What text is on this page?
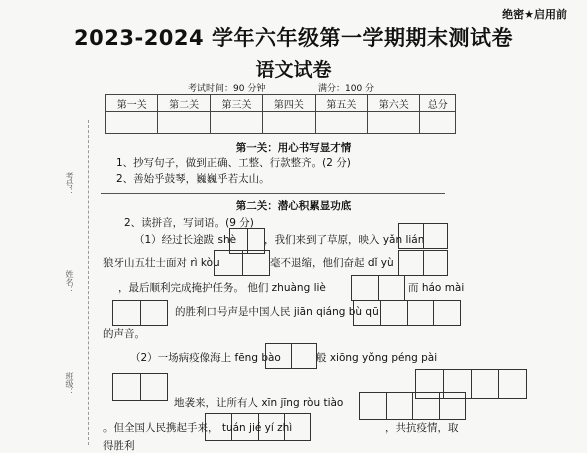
绝密★启用前
2023-2024 学年六年级第一学期期末测试卷
语文试卷
考试时间：90 分钟	满分：100 分
第一关	第二关	第三关	第四关	第五关	第六关	总分

考号：
姓名：
班级：
第一关：用心书写显才情
1、抄写句子，做到正确、工整、行款整齐。(2 分)
2、善始乎鼓琴，巍巍乎若太山。
第二关：潜心积累显功底
2、读拼音，写词语。(9 分)
（1）经过长途跋 shè	，我们来到了草原，映入 yǎn lián
狼牙山五壮士面对 rì kòu	毫不退缩，他们奋起 dǐ yù
，最后顺利完成掩护任务。 他们 zhuàng liè	而 háo mài
的胜利口号声是中国人民 jiān qiáng bù qū
的声音。
（2）一场病疫像海上 fēng bào	般 xiōng yǒng péng pài
地袭来，让所有人 xīn jīng ròu tiào
。但全国人民携起手来， tuán jié yí zhì	，共抗疫情，取
得胜利
